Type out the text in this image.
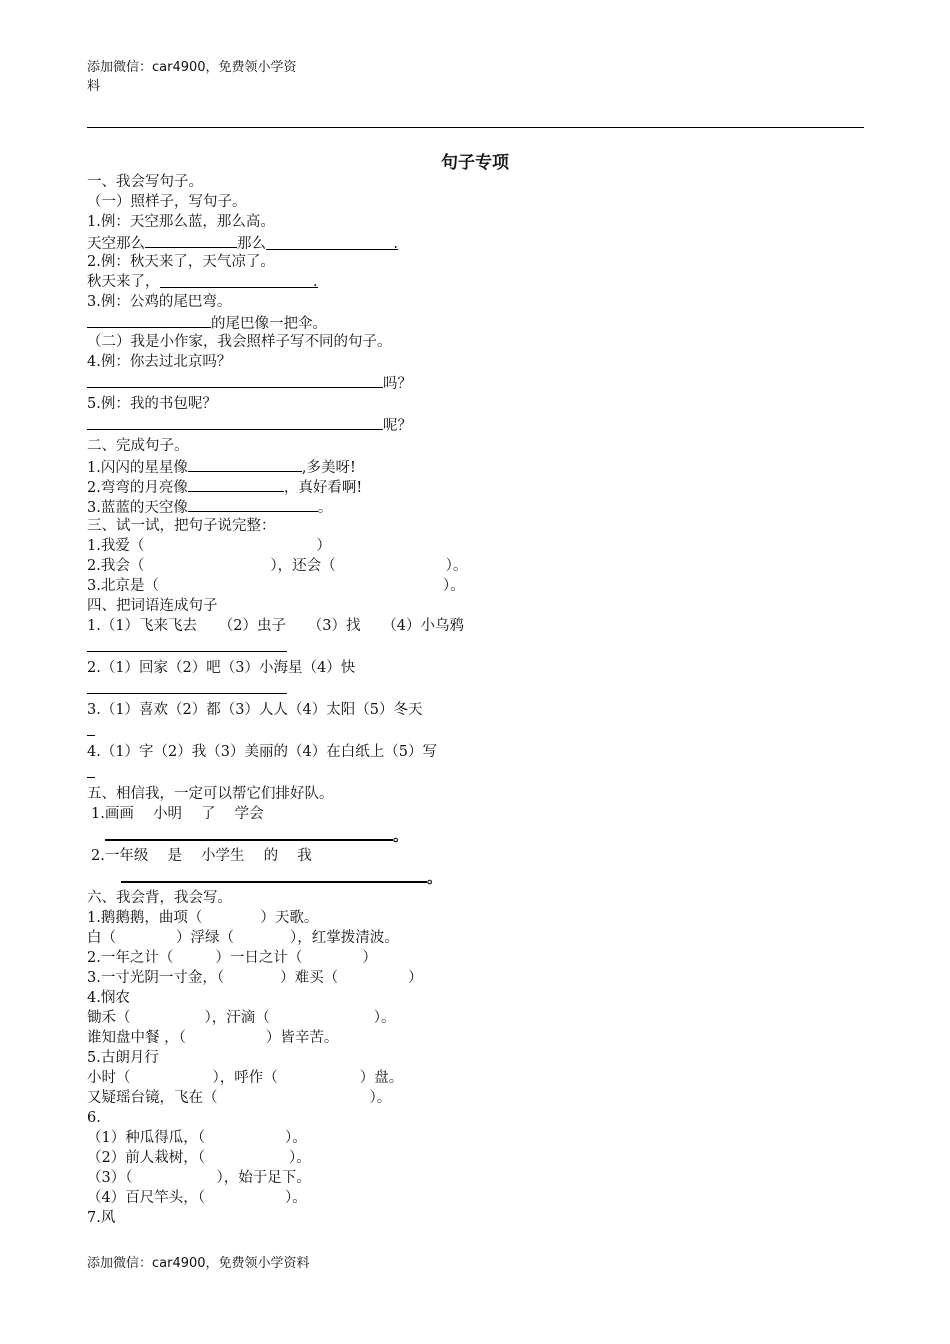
添加微信：car4900，免费领小学资
料
句子专项
一、我会写句子。
（一）照样子，写句子。
1.例：天空那么蓝，那么高。
天空那么	那么	.
2.例：秋天来了，天气凉了。
秋天来了，	.
3.例：公鸡的尾巴弯。
的尾巴像一把伞。
（二）我是小作家，我会照样子写不同的句子。
4.例：你去过北京吗？
吗？
5.例：我的书包呢？
呢？
二、完成句子。
1.闪闪的星星像	,多美呀!
2.弯弯的月亮像	，真好看啊!
3.蓝蓝的天空像	。
三、试一试，把句子说完整：
1.我爱（	）
2.我会（	），还会（	）。
3.北京是（	）。
四、把词语连成句子
1.（1）飞来飞去　　（2）虫子　　（3）找　　（4）小乌鸦
2.（1）回家（2）吧（3）小海星（4）快
3.（1）喜欢（2）都（3）人人（4）太阳（5）冬天
4.（1）字（2）我（3）美丽的（4）在白纸上（5）写
五、相信我，一定可以帮它们排好队。
1.画画　 小明　 了　 学会
。
2.一年级　 是　 小学生　 的　 我
。
六、我会背，我会写。
1.鹅鹅鹅，曲项（	）天歌。
白（	）浮绿（	），红掌拨清波。
2.一年之计（	）一日之计（	）
3.一寸光阴一寸金，（	）难买（	）
4.悯农
锄禾（	），汗滴（	）。
谁知盘中餐 ，（	）皆辛苦。
5.古朗月行
小时（	），呼作（	）盘。
又疑瑶台镜，飞在（	）。
6.
（1）种瓜得瓜，（	）。
（2）前人栽树，（	）。
（3）（	），始于足下。
（4）百尺竿头，（	）。
7.风
添加微信：car4900，免费领小学资料
